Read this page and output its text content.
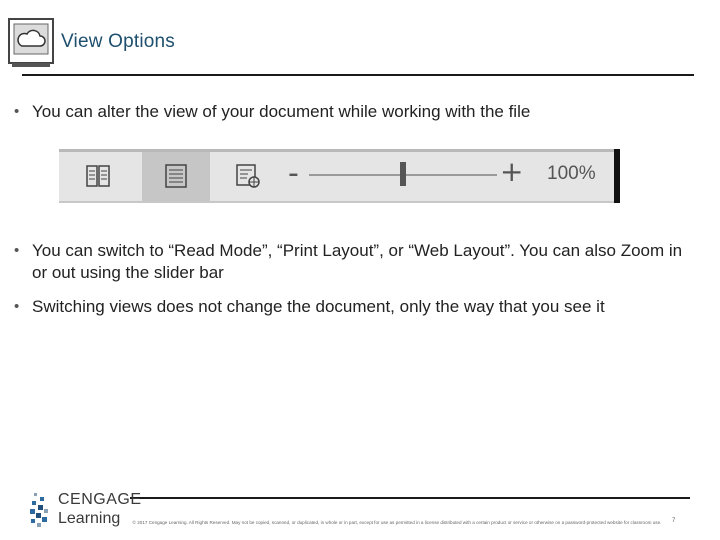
View Options
• You can alter the view of your document while working with the file
-	+ 100%
• You can switch to “Read Mode”, “Print Layout”, or “Web Layout”. You can also Zoom in or out using the slider bar
• Switching views does not change the document, only the way that you see it
CENGAGE
Learning	© 2017 Cengage Learning. All Rights Reserved. May not be copied, scanned, or duplicated, in whole or in part, except for use as permitted in a license distributed with a certain product or service or otherwise on a password-protected website for classroom use. 7
